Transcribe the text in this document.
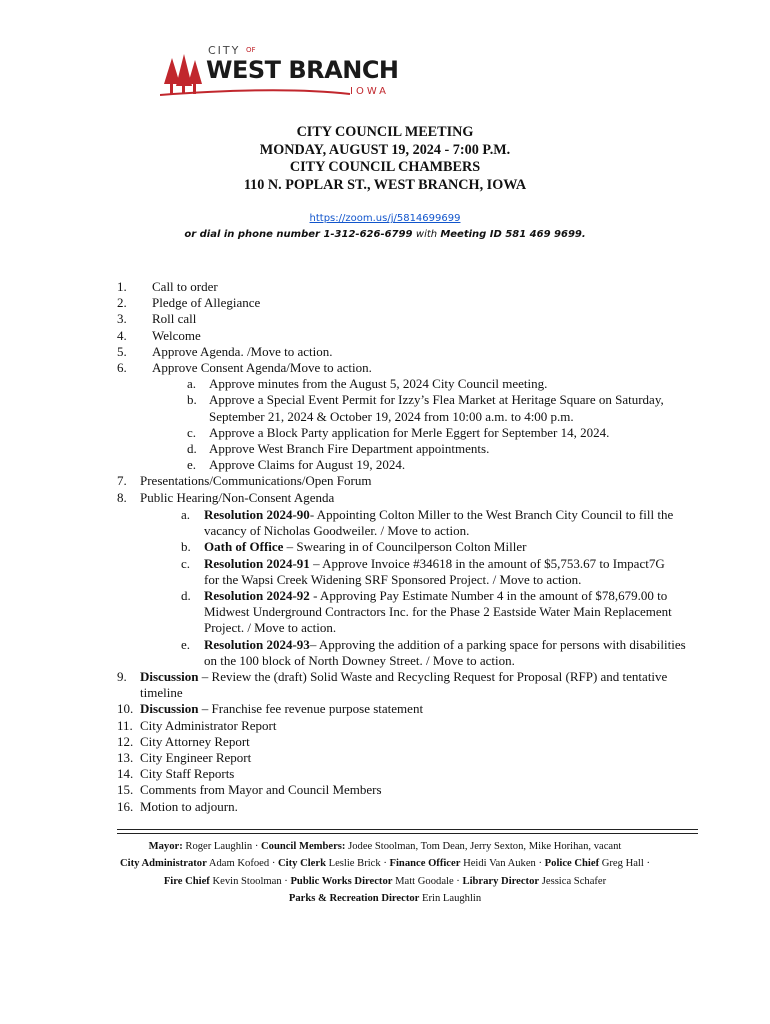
CITY OF
WEST BRANCH
IOWA
CITY COUNCIL MEETING
MONDAY, AUGUST 19, 2024 - 7:00 P.M.
CITY COUNCIL CHAMBERS
110 N. POPLAR ST., WEST BRANCH, IOWA
https://zoom.us/j/5814699699
or dial in phone number 1-312-626-6799 with Meeting ID 581 469 9699.
1. Call to order
2. Pledge of Allegiance
3. Roll call
4. Welcome
5. Approve Agenda. /Move to action.
6. Approve Consent Agenda/Move to action.
a. Approve minutes from the August 5, 2024 City Council meeting.
b. Approve a Special Event Permit for Izzy’s Flea Market at Heritage Square on Saturday,
September 21, 2024 & October 19, 2024 from 10:00 a.m. to 4:00 p.m.
c. Approve a Block Party application for Merle Eggert for September 14, 2024.
d. Approve West Branch Fire Department appointments.
e. Approve Claims for August 19, 2024.
7. Presentations/Communications/Open Forum
8. Public Hearing/Non-Consent Agenda
a. Resolution 2024-90- Appointing Colton Miller to the West Branch City Council to fill the
vacancy of Nicholas Goodweiler. / Move to action.
b. Oath of Office – Swearing in of Councilperson Colton Miller
c. Resolution 2024-91 – Approve Invoice #34618 in the amount of $5,753.67 to Impact7G
for the Wapsi Creek Widening SRF Sponsored Project. / Move to action.
d. Resolution 2024-92 - Approving Pay Estimate Number 4 in the amount of $78,679.00 to
Midwest Underground Contractors Inc. for the Phase 2 Eastside Water Main Replacement
Project. / Move to action.
e. Resolution 2024-93– Approving the addition of a parking space for persons with disabilities
on the 100 block of North Downey Street. / Move to action.
9. Discussion – Review the (draft) Solid Waste and Recycling Request for Proposal (RFP) and tentative
timeline
10. Discussion – Franchise fee revenue purpose statement
11. City Administrator Report
12. City Attorney Report
13. City Engineer Report
14. City Staff Reports
15. Comments from Mayor and Council Members
16. Motion to adjourn.
Mayor: Roger Laughlin · Council Members: Jodee Stoolman, Tom Dean, Jerry Sexton, Mike Horihan, vacant
City Administrator Adam Kofoed · City Clerk Leslie Brick · Finance Officer Heidi Van Auken · Police Chief Greg Hall ·
Fire Chief Kevin Stoolman · Public Works Director Matt Goodale · Library Director Jessica Schafer
Parks & Recreation Director Erin Laughlin
